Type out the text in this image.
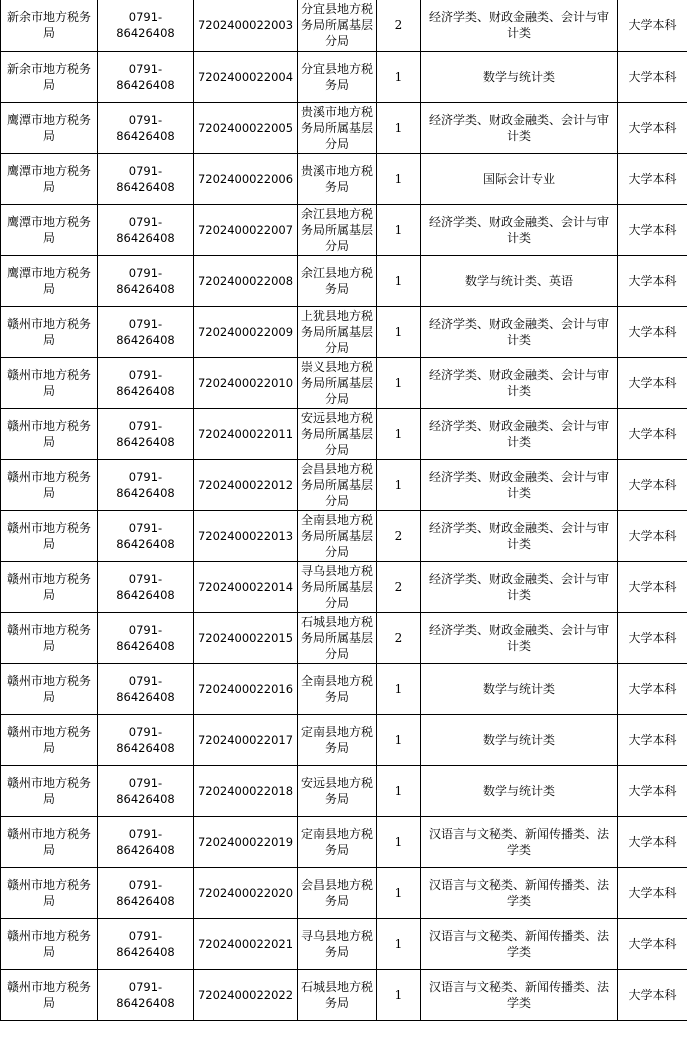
新余市地方税务局	0791-86426408	7202400022003	分宜县地方税务局所属基层分局	2	经济学类、财政金融类、会计与审计类	大学本科
新余市地方税务局	0791-86426408	7202400022004	分宜县地方税务局	1	数学与统计类	大学本科
鹰潭市地方税务局	0791-86426408	7202400022005	贵溪市地方税务局所属基层分局	1	经济学类、财政金融类、会计与审计类	大学本科
鹰潭市地方税务局	0791-86426408	7202400022006	贵溪市地方税务局	1	国际会计专业	大学本科
鹰潭市地方税务局	0791-86426408	7202400022007	余江县地方税务局所属基层分局	1	经济学类、财政金融类、会计与审计类	大学本科
鹰潭市地方税务局	0791-86426408	7202400022008	余江县地方税务局	1	数学与统计类、英语	大学本科
赣州市地方税务局	0791-86426408	7202400022009	上犹县地方税务局所属基层分局	1	经济学类、财政金融类、会计与审计类	大学本科
赣州市地方税务局	0791-86426408	7202400022010	崇义县地方税务局所属基层分局	1	经济学类、财政金融类、会计与审计类	大学本科
赣州市地方税务局	0791-86426408	7202400022011	安远县地方税务局所属基层分局	1	经济学类、财政金融类、会计与审计类	大学本科
赣州市地方税务局	0791-86426408	7202400022012	会昌县地方税务局所属基层分局	1	经济学类、财政金融类、会计与审计类	大学本科
赣州市地方税务局	0791-86426408	7202400022013	全南县地方税务局所属基层分局	2	经济学类、财政金融类、会计与审计类	大学本科
赣州市地方税务局	0791-86426408	7202400022014	寻乌县地方税务局所属基层分局	2	经济学类、财政金融类、会计与审计类	大学本科
赣州市地方税务局	0791-86426408	7202400022015	石城县地方税务局所属基层分局	2	经济学类、财政金融类、会计与审计类	大学本科
赣州市地方税务局	0791-86426408	7202400022016	全南县地方税务局	1	数学与统计类	大学本科
赣州市地方税务局	0791-86426408	7202400022017	定南县地方税务局	1	数学与统计类	大学本科
赣州市地方税务局	0791-86426408	7202400022018	安远县地方税务局	1	数学与统计类	大学本科
赣州市地方税务局	0791-86426408	7202400022019	定南县地方税务局	1	汉语言与文秘类、新闻传播类、法学类	大学本科
赣州市地方税务局	0791-86426408	7202400022020	会昌县地方税务局	1	汉语言与文秘类、新闻传播类、法学类	大学本科
赣州市地方税务局	0791-86426408	7202400022021	寻乌县地方税务局	1	汉语言与文秘类、新闻传播类、法学类	大学本科
赣州市地方税务局	0791-86426408	7202400022022	石城县地方税务局	1	汉语言与文秘类、新闻传播类、法学类	大学本科
